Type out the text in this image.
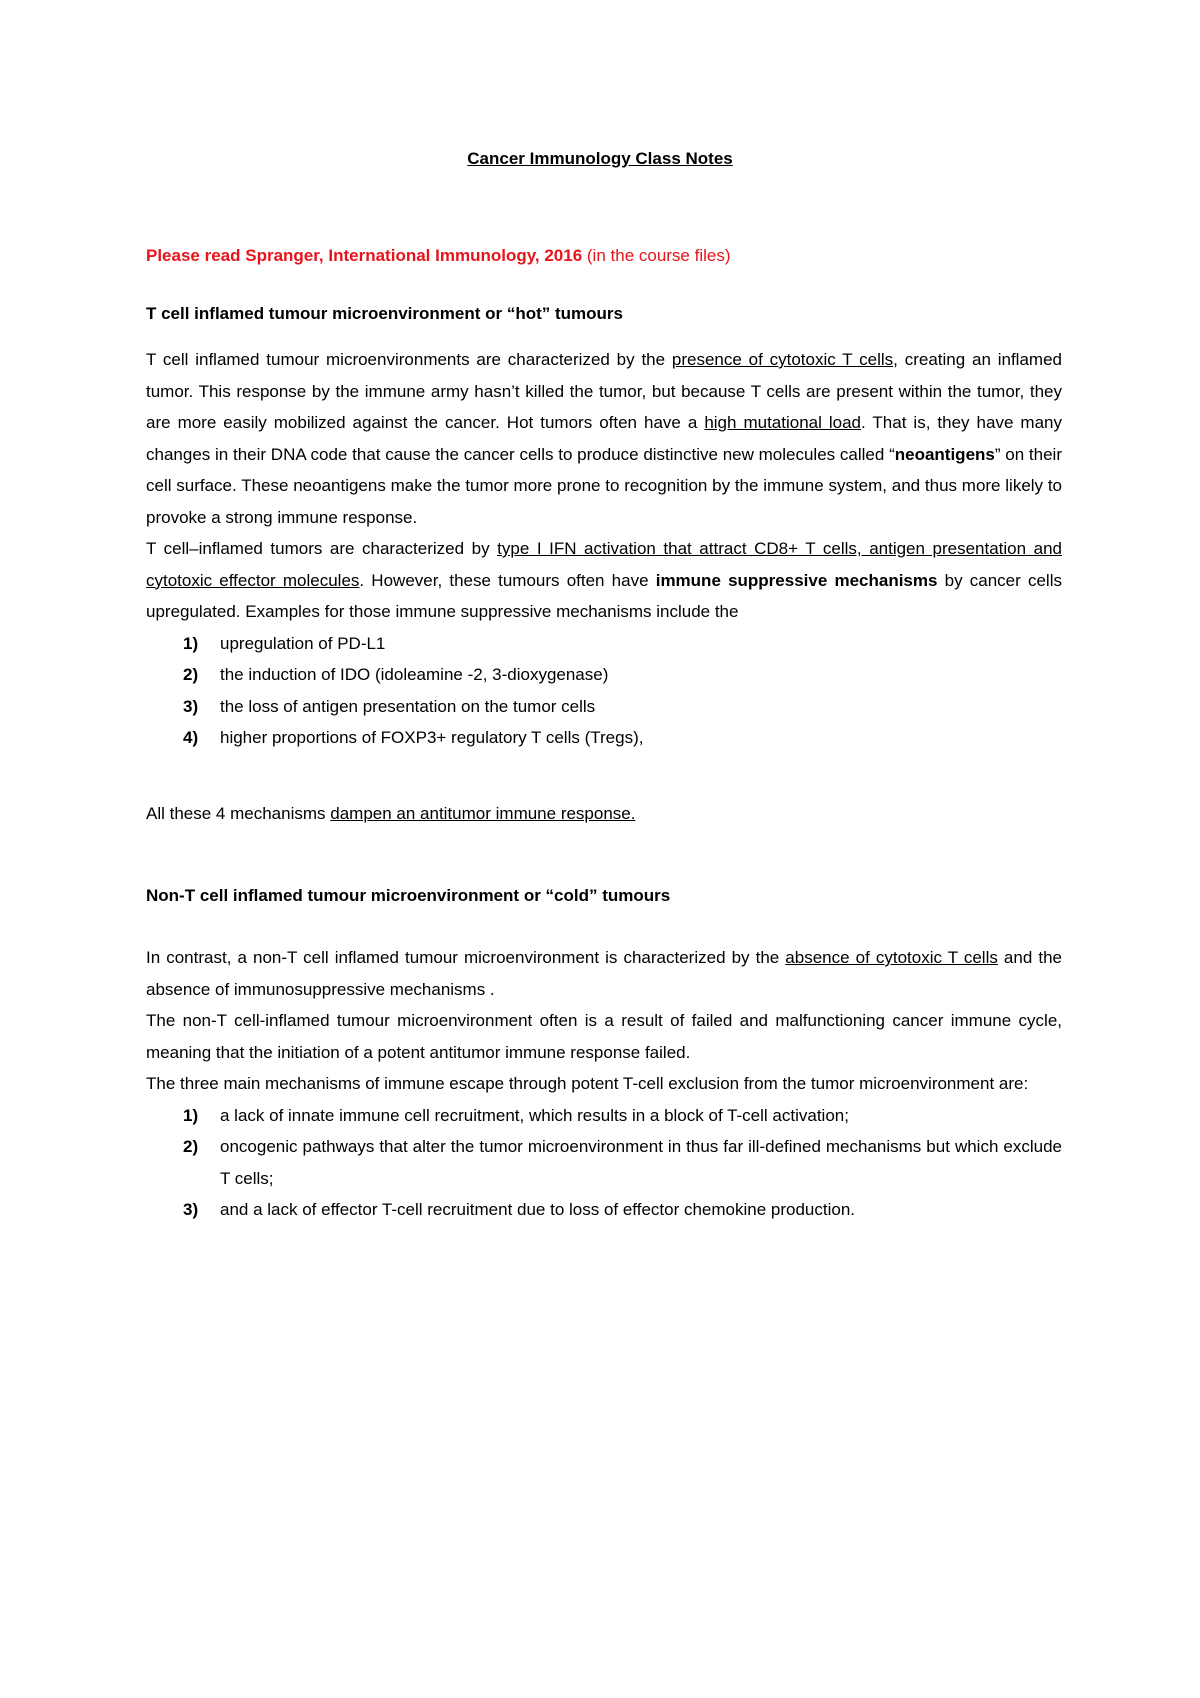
Cancer Immunology Class Notes

Please read Spranger, International Immunology, 2016 (in the course files)

T cell inflamed tumour microenvironment or “hot” tumours

T cell inflamed tumour microenvironments are characterized by the presence of cytotoxic T cells, creating an inflamed tumor. This response by the immune army hasn’t killed the tumor, but because T cells are present within the tumor, they are more easily mobilized against the cancer. Hot tumors often have a high mutational load. That is, they have many changes in their DNA code that cause the cancer cells to produce distinctive new molecules called “neoantigens” on their cell surface. These neoantigens make the tumor more prone to recognition by the immune system, and thus more likely to provoke a strong immune response.

T cell–inflamed tumors are characterized by type I IFN activation that attract CD8+ T cells, antigen presentation and cytotoxic effector molecules. However, these tumours often have immune suppressive mechanisms by cancer cells upregulated. Examples for those immune suppressive mechanisms include the

1) upregulation of PD-L1
2) the induction of IDO (idoleamine -2, 3-dioxygenase)
3) the loss of antigen presentation on the tumor cells
4) higher proportions of FOXP3+ regulatory T cells (Tregs),

All these 4 mechanisms dampen an antitumor immune response.

Non-T cell inflamed tumour microenvironment or “cold” tumours

In contrast, a non-T cell inflamed tumour microenvironment is characterized by the absence of cytotoxic T cells and the absence of immunosuppressive mechanisms .

The non-T cell-inflamed tumour microenvironment often is a result of failed and malfunctioning cancer immune cycle, meaning that the initiation of a potent antitumor immune response failed.

The three main mechanisms of immune escape through potent T-cell exclusion from the tumor microenvironment are:

1) a lack of innate immune cell recruitment, which results in a block of T-cell activation;
2) oncogenic pathways that alter the tumor microenvironment in thus far ill-defined mechanisms but which exclude T cells;
3) and a lack of effector T-cell recruitment due to loss of effector chemokine production.
